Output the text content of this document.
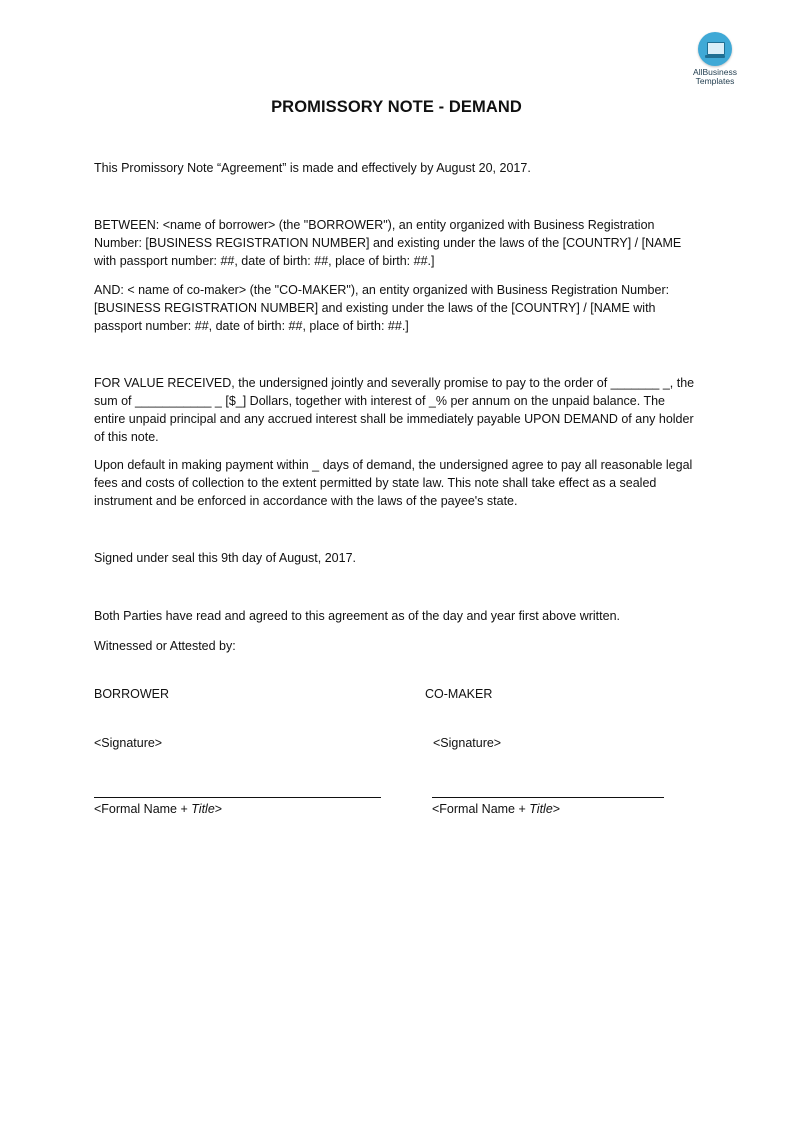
AllBusiness
Templates
PROMISSORY NOTE - DEMAND

This Promissory Note “Agreement” is made and effectively by August 20, 2017.

BETWEEN: <name of borrower> (the "BORROWER"), an entity organized with Business Registration Number: [BUSINESS REGISTRATION NUMBER] and existing under the laws of the [COUNTRY] / [NAME with passport number: ##, date of birth: ##, place of birth: ##.]

AND: < name of co-maker> (the "CO-MAKER"), an entity organized with Business Registration Number: [BUSINESS REGISTRATION NUMBER] and existing under the laws of the [COUNTRY] / [NAME with passport number: ##, date of birth: ##, place of birth: ##.]

FOR VALUE RECEIVED, the undersigned jointly and severally promise to pay to the order of _______ _, the sum of ___________ _ [$_] Dollars, together with interest of _% per annum on the unpaid balance. The entire unpaid principal and any accrued interest shall be immediately payable UPON DEMAND of any holder of this note.

Upon default in making payment within _ days of demand, the undersigned agree to pay all reasonable legal fees and costs of collection to the extent permitted by state law. This note shall take effect as a sealed instrument and be enforced in accordance with the laws of the payee's state.

Signed under seal this 9th day of August, 2017.

Both Parties have read and agreed to this agreement as of the day and year first above written.

Witnessed or Attested by:

BORROWER	CO-MAKER
<Signature>	<Signature>
<Formal Name + Title>	<Formal Name + Title>
